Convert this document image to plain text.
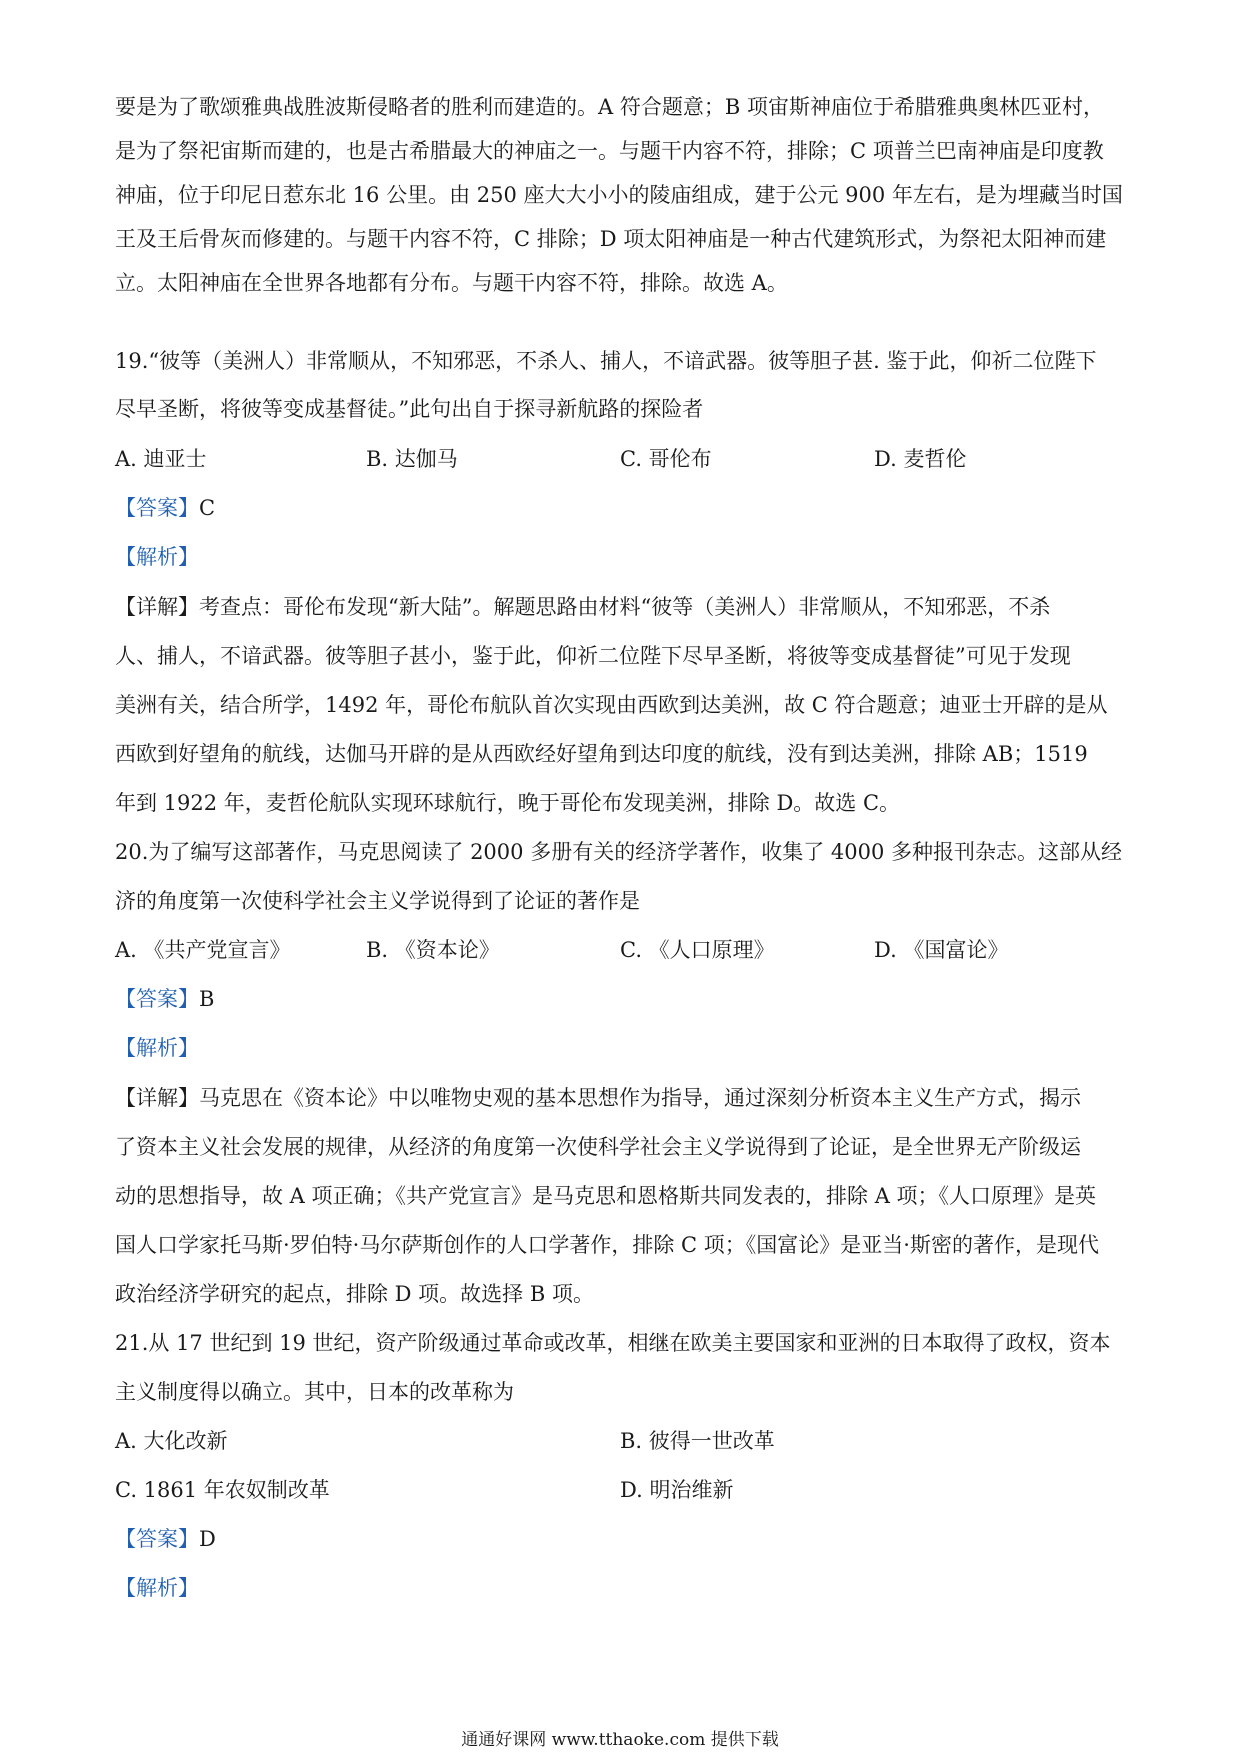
要是为了歌颂雅典战胜波斯侵略者的胜利而建造的。A 符合题意；B 项宙斯神庙位于希腊雅典奥林匹亚村，
是为了祭祀宙斯而建的，也是古希腊最大的神庙之一。与题干内容不符，排除；C 项普兰巴南神庙是印度教
神庙，位于印尼日惹东北 16 公里。由 250 座大大小小的陵庙组成，建于公元 900 年左右，是为埋藏当时国
王及王后骨灰而修建的。与题干内容不符，C 排除；D 项太阳神庙是一种古代建筑形式，为祭祀太阳神而建
立。太阳神庙在全世界各地都有分布。与题干内容不符，排除。故选 A。
19.“彼等（美洲人）非常顺从，不知邪恶，不杀人、捕人，不谙武器。彼等胆子甚. 鉴于此，仰祈二位陛下
尽早圣断，将彼等变成基督徒。”此句出自于探寻新航路的探险者
A. 迪亚士	B. 达伽马	C. 哥伦布	D. 麦哲伦
【答案】C
【解析】
【详解】考查点：哥伦布发现“新大陆”。解题思路由材料“彼等（美洲人）非常顺从，不知邪恶，不杀
人、捕人，不谙武器。彼等胆子甚小，鉴于此，仰祈二位陛下尽早圣断，将彼等变成基督徒”可见于发现
美洲有关，结合所学，1492 年，哥伦布航队首次实现由西欧到达美洲，故 C 符合题意；迪亚士开辟的是从
西欧到好望角的航线，达伽马开辟的是从西欧经好望角到达印度的航线，没有到达美洲，排除 AB；1519
年到 1922 年，麦哲伦航队实现环球航行，晚于哥伦布发现美洲，排除 D。故选 C。
20.为了编写这部著作，马克思阅读了 2000 多册有关的经济学著作，收集了 4000 多种报刊杂志。这部从经
济的角度第一次使科学社会主义学说得到了论证的著作是
A. 《共产党宣言》	B. 《资本论》	C. 《人口原理》	D. 《国富论》
【答案】B
【解析】
【详解】马克思在《资本论》中以唯物史观的基本思想作为指导，通过深刻分析资本主义生产方式，揭示
了资本主义社会发展的规律，从经济的角度第一次使科学社会主义学说得到了论证，是全世界无产阶级运
动的思想指导，故 A 项正确；《共产党宣言》是马克思和恩格斯共同发表的，排除 A 项；《人口原理》是英
国人口学家托马斯·罗伯特·马尔萨斯创作的人口学著作，排除 C 项；《国富论》是亚当·斯密的著作，是现代
政治经济学研究的起点，排除 D 项。故选择 B 项。
21.从 17 世纪到 19 世纪，资产阶级通过革命或改革，相继在欧美主要国家和亚洲的日本取得了政权，资本
主义制度得以确立。其中，日本的改革称为
A. 大化改新	B. 彼得一世改革
C. 1861 年农奴制改革	D. 明治维新
【答案】D
【解析】
通通好课网 www.tthaoke.com 提供下载
